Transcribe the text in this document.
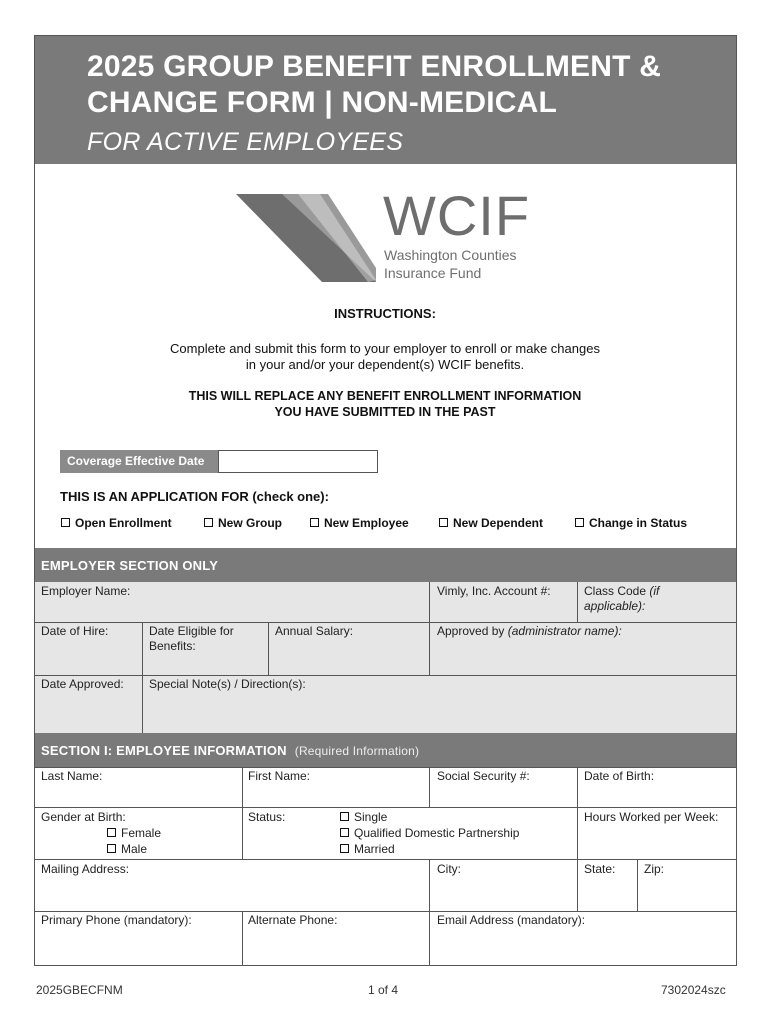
2025 GROUP BENEFIT ENROLLMENT &
CHANGE FORM | NON-MEDICAL
FOR ACTIVE EMPLOYEES
WCIF
Washington Counties
Insurance Fund
INSTRUCTIONS:
Complete and submit this form to your employer to enroll or make changes
in your and/or your dependent(s) WCIF benefits.
THIS WILL REPLACE ANY BENEFIT ENROLLMENT INFORMATION
YOU HAVE SUBMITTED IN THE PAST
Coverage Effective Date
THIS IS AN APPLICATION FOR (check one):
Open Enrollment	New Group	New Employee	New Dependent	Change in Status
EMPLOYER SECTION ONLY
Employer Name:	Vimly, Inc. Account #:	Class Code (if
applicable):
Date of Hire:	Date Eligible for
Benefits:
Annual Salary:	Approved by (administrator name):
Date Approved: Special Note(s) / Direction(s):
SECTION I: EMPLOYEE INFORMATION (Required Information)
Last Name:	First Name:	Social Security #:	Date of Birth:
Gender at Birth:
Female
Male
Status:	Single
Qualified Domestic Partnership
Married
Hours Worked per Week:
Mailing Address:	City:	State: Zip:
Primary Phone (mandatory):	Alternate Phone:	Email Address (mandatory):
2025GBECFNM	1 of 4	7302024szc
